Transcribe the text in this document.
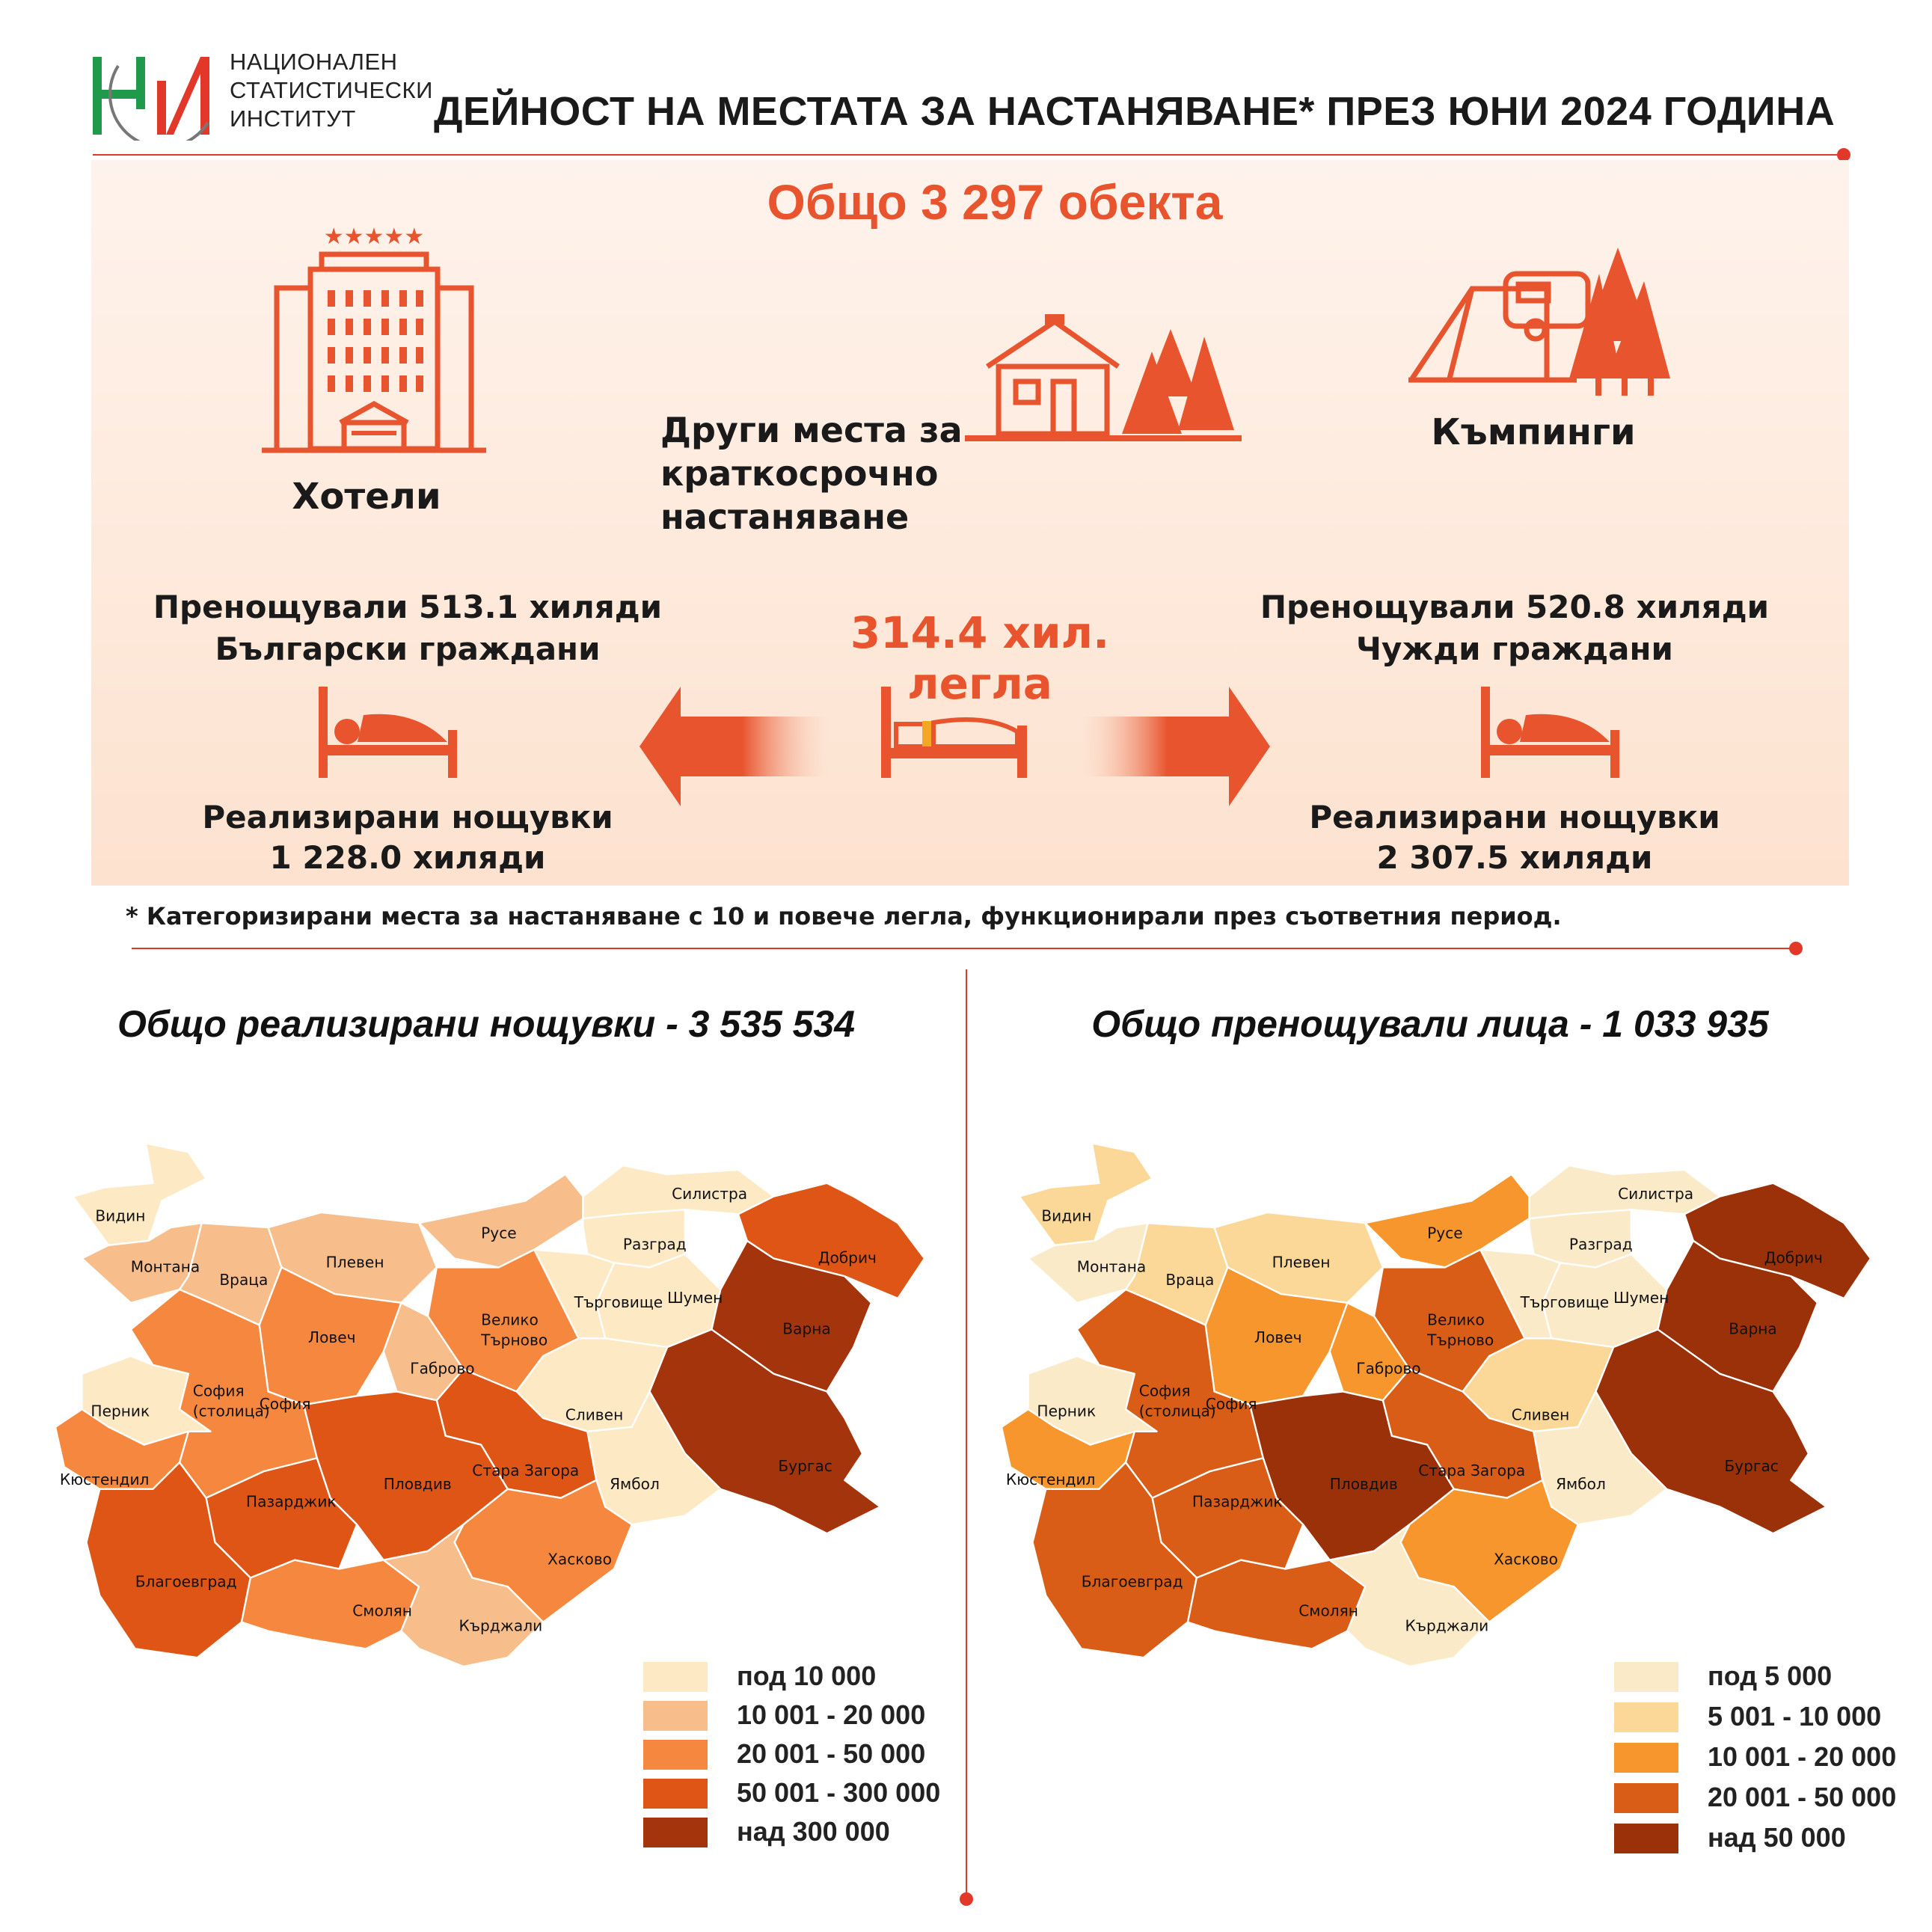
НАЦИОНАЛЕН
СТАТИСТИЧЕСКИ
ИНСТИТУТ	ДЕЙНОСТ НА МЕСТАТА ЗА НАСТАНЯВАНЕ* ПРЕЗ ЮНИ 2024 ГОДИНА
Общо 3 297 обекта
★★★★★
Хотели
Други места за
краткосрочно настаняване
Къмпинги
Пренощували 513.1 хиляди
Български граждани	314.4 хил. легла
Пренощували 520.8 хиляди
Чужди граждани
Реализирани нощувки
1 228.0 хиляди
Реализирани нощувки
2 307.5 хиляди
* Категоризирани места за настаняване с 10 и повече легла, функционирали през съответния период.
Общо реализирани нощувки - 3 535 534	Общо пренощували лица - 1 033 935
Видин
Монтана
Враца
Плевен
Русе
Силистра
Разград
Добрич
Ловеч
Велико
Търново
Търговище Шумен
Варна
Габрово
София
(столица)
София
Перник
Кюстендил
Сливен
Бургас
Стара Загора
Пловдив
Пазарджик
Ямбол
Благоевград
Смолян
Хасково
Кърджали
Видин
Монтана
Враца
Плевен
Русе
Силистра
Разград
Добрич
Ловеч
Велико
Търново
Търговище Шумен
Варна
Габрово
София
(столица)
София
Перник
Кюстендил
Сливен
Бургас
Стара Загора
Пловдив
Пазарджик
Ямбол
Благоевград
Смолян
Хасково
Кърджали
под 10 000
10 001 - 20 000
20 001 - 50 000
50 001 - 300 000
над 300 000
под 5 000
5 001 - 10 000
10 001 - 20 000
20 001 - 50 000
над 50 000
